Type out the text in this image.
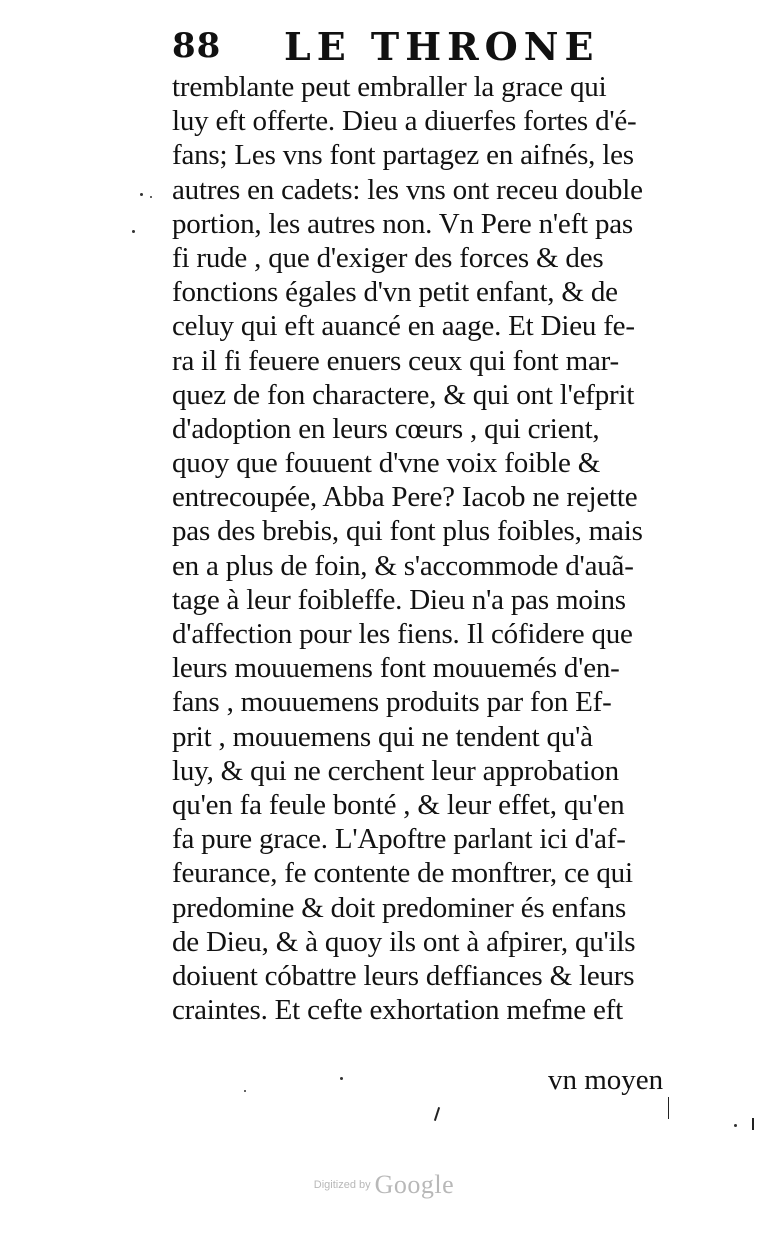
88 LE THRONE
tremblante peut embraller la grace qui
luy eft offerte. Dieu a diuerfes fortes d'é-
fans; Les vns font partagez en aifnés, les
autres en cadets: les vns ont receu double
portion, les autres non. Vn Pere n'eft pas
fi rude , que d'exiger des forces & des
fonctions égales d'vn petit enfant, & de
celuy qui eft auancé en aage. Et Dieu fe-
ra il fi feuere enuers ceux qui font mar-
quez de fon charactere, & qui ont l'efprit
d'adoption en leurs cœurs , qui crient,
quoy que fouuent d'vne voix foible &
entrecoupée, Abba Pere? Iacob ne rejette
pas des brebis, qui font plus foibles, mais
en a plus de foin, & s'accommode d'auã-
tage à leur foibleffe. Dieu n'a pas moins
d'affection pour les fiens. Il cófidere que
leurs mouuemens font mouuemés d'en-
fans , mouuemens produits par fon Ef-
prit , mouuemens qui ne tendent qu'à
luy, & qui ne cerchent leur approbation
qu'en fa feule bonté , & leur effet, qu'en
fa pure grace. L'Apoftre parlant ici d'af-
feurance, fe contente de monftrer, ce qui
predomine & doit predominer és enfans
de Dieu, & à quoy ils ont à afpirer, qu'ils
doiuent cóbattre leurs deffiances & leurs
craintes. Et cefte exhortation mefme eft
vn moyen
Digitized by Google
